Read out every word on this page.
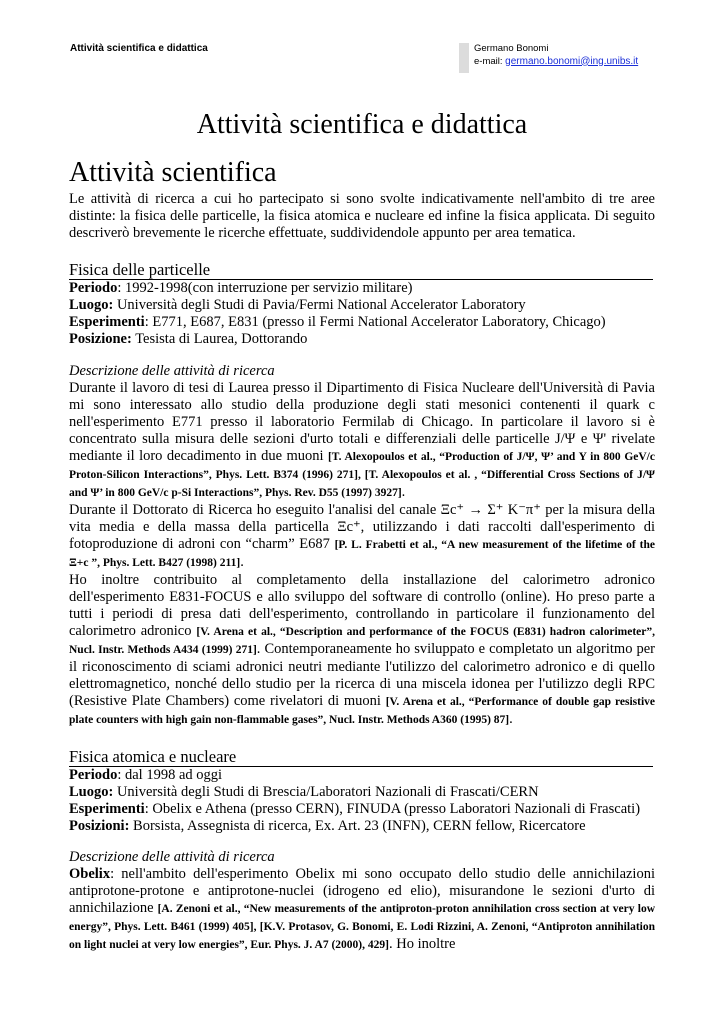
Attività scientifica e didattica	Germano Bonomi
e-mail: germano.bonomi@ing.unibs.it
Attività scientifica e didattica
Attività scientifica

Le attività di ricerca a cui ho partecipato si sono svolte indicativamente nell'ambito di tre aree distinte: la fisica delle particelle, la fisica atomica e nucleare ed infine la fisica applicata. Di seguito descriverò brevemente le ricerche effettuate, suddividendole appunto per area tematica.

Fisica delle particelle
Periodo: 1992-1998(con interruzione per servizio militare)
Luogo: Università degli Studi di Pavia/Fermi National Accelerator Laboratory
Esperimenti: E771, E687, E831 (presso il Fermi National Accelerator Laboratory, Chicago)
Posizione: Tesista di Laurea, Dottorando
Descrizione delle attività di ricerca

Durante il lavoro di tesi di Laurea presso il Dipartimento di Fisica Nucleare dell'Università di Pavia mi sono interessato allo studio della produzione degli stati mesonici contenenti il quark c nell'esperimento E771 presso il laboratorio Fermilab di Chicago. In particolare il lavoro si è concentrato sulla misura delle sezioni d'urto totali e differenziali delle particelle J/Ψ e Ψ' rivelate mediante il loro decadimento in due muoni [T. Alexopoulos et al., “Production of J/Ψ, Ψ’ and Y in 800 GeV/c Proton-Silicon Interactions”, Phys. Lett. B374 (1996) 271], [T. Alexopoulos et al. , “Differential Cross Sections of J/Ψ and Ψ’ in 800 GeV/c p-Si Interactions”, Phys. Rev. D55 (1997) 3927].

Durante il Dottorato di Ricerca ho eseguito l'analisi del canale Ξc⁺ → Σ⁺ K⁻π⁺ per la misura della vita media e della massa della particella Ξc⁺, utilizzando i dati raccolti dall'esperimento di fotoproduzione di adroni con “charm” E687 [P. L. Frabetti et al., “A new measurement of the lifetime of the Ξ+c ”, Phys. Lett. B427 (1998) 211].

Ho inoltre contribuito al completamento della installazione del calorimetro adronico dell'esperimento E831-FOCUS e allo sviluppo del software di controllo (online). Ho preso parte a tutti i periodi di presa dati dell'esperimento, controllando in particolare il funzionamento del calorimetro adronico [V. Arena et al., “Description and performance of the FOCUS (E831) hadron calorimeter”, Nucl. Instr. Methods A434 (1999) 271]. Contemporaneamente ho sviluppato e completato un algoritmo per il riconoscimento di sciami adronici neutri mediante l'utilizzo del calorimetro adronico e di quello elettromagnetico, nonché dello studio per la ricerca di una miscela idonea per l'utilizzo degli RPC (Resistive Plate Chambers) come rivelatori di muoni [V. Arena et al., “Performance of double gap resistive plate counters with high gain non-flammable gases”, Nucl. Instr. Methods A360 (1995) 87].

Fisica atomica e nucleare
Periodo: dal 1998 ad oggi
Luogo: Università degli Studi di Brescia/Laboratori Nazionali di Frascati/CERN
Esperimenti: Obelix e Athena (presso CERN), FINUDA (presso Laboratori Nazionali di Frascati)
Posizioni: Borsista, Assegnista di ricerca, Ex. Art. 23 (INFN), CERN fellow, Ricercatore
Descrizione delle attività di ricerca

Obelix: nell'ambito dell'esperimento Obelix mi sono occupato dello studio delle annichilazioni antiprotone-protone e antiprotone-nuclei (idrogeno ed elio), misurandone le sezioni d'urto di annichilazione [A. Zenoni et al., “New measurements of the antiproton-proton annihilation cross section at very low energy”, Phys. Lett. B461 (1999) 405], [K.V. Protasov, G. Bonomi, E. Lodi Rizzini, A. Zenoni, “Antiproton annihilation on light nuclei at very low energies”, Eur. Phys. J. A7 (2000), 429]. Ho inoltre
